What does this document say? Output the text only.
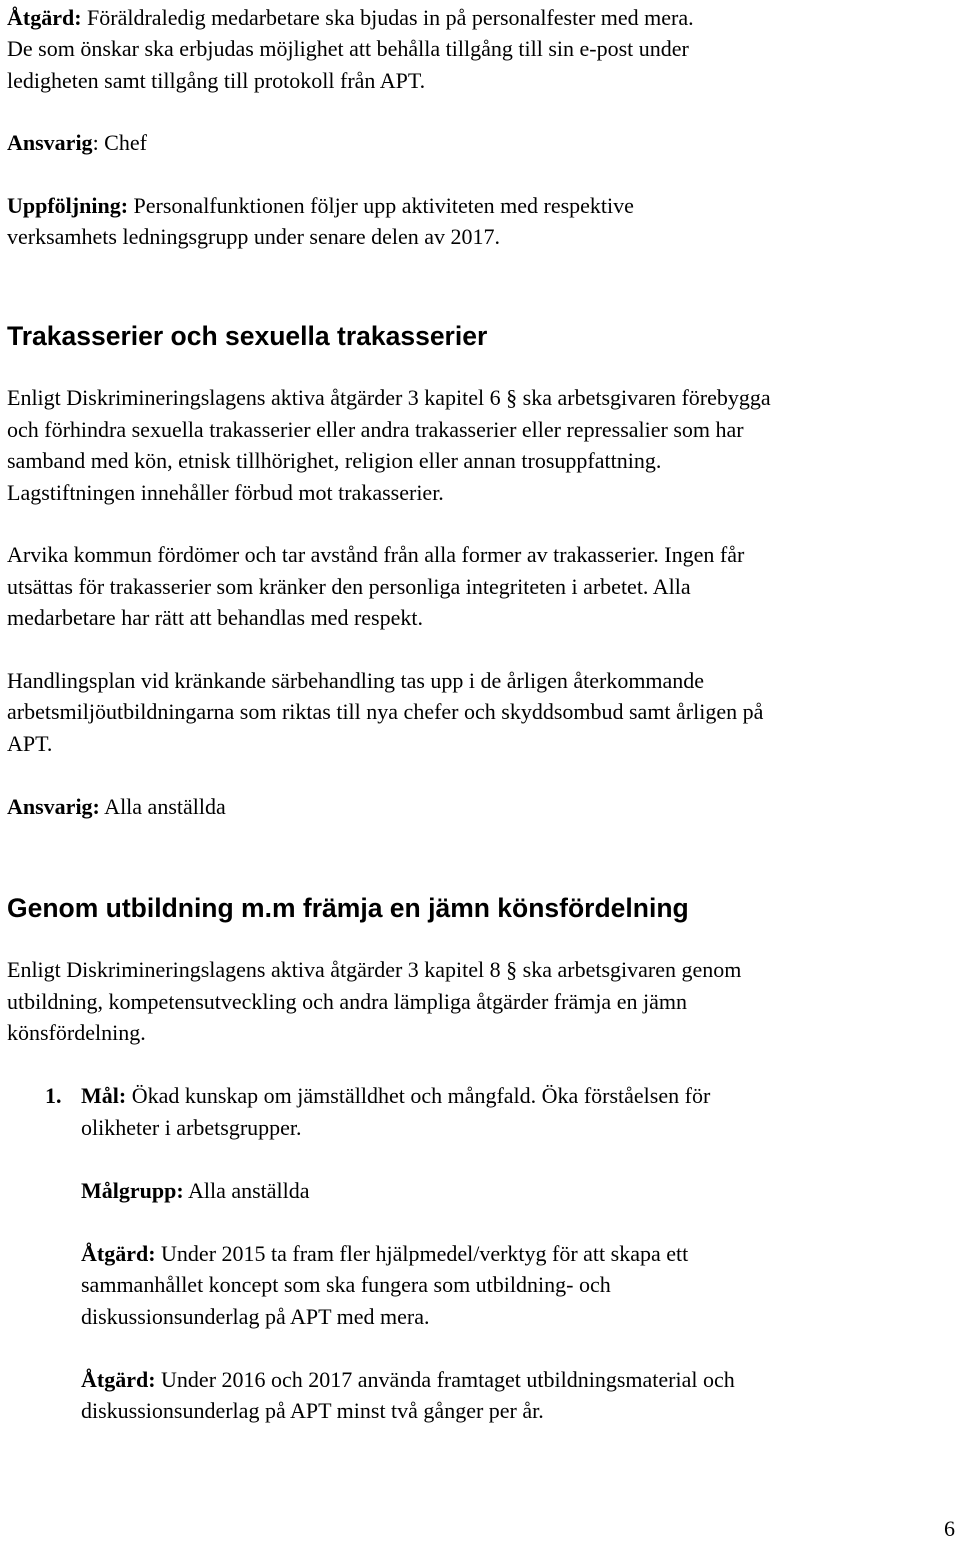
Åtgärd: Föräldraledig medarbetare ska bjudas in på personalfester med mera.

De som önskar ska erbjudas möjlighet att behålla tillgång till sin e-post under

ledigheten samt tillgång till protokoll från APT.

Ansvarig: Chef

Uppföljning: Personalfunktionen följer upp aktiviteten med respektive

verksamhets ledningsgrupp under senare delen av 2017.

Trakasserier och sexuella trakasserier

Enligt Diskrimineringslagens aktiva åtgärder 3 kapitel 6 § ska arbetsgivaren förebygga

och förhindra sexuella trakasserier eller andra trakasserier eller repressalier som har

samband med kön, etnisk tillhörighet, religion eller annan trosuppfattning.

Lagstiftningen innehåller förbud mot trakasserier.

Arvika kommun fördömer och tar avstånd från alla former av trakasserier. Ingen får

utsättas för trakasserier som kränker den personliga integriteten i arbetet. Alla

medarbetare har rätt att behandlas med respekt.

Handlingsplan vid kränkande särbehandling tas upp i de årligen återkommande

arbetsmiljöutbildningarna som riktas till nya chefer och skyddsombud samt årligen på

APT.

Ansvarig: Alla anställda

Genom utbildning m.m främja en jämn könsfördelning

Enligt Diskrimineringslagens aktiva åtgärder 3 kapitel 8 § ska arbetsgivaren genom

utbildning, kompetensutveckling och andra lämpliga åtgärder främja en jämn

könsfördelning.

1. Mål: Ökad kunskap om jämställdhet och mångfald. Öka förståelsen för

olikheter i arbetsgrupper.

Målgrupp: Alla anställda

Åtgärd: Under 2015 ta fram fler hjälpmedel/verktyg för att skapa ett

sammanhållet koncept som ska fungera som utbildning- och

diskussionsunderlag på APT med mera.

Åtgärd: Under 2016 och 2017 använda framtaget utbildningsmaterial och

diskussionsunderlag på APT minst två gånger per år.

6
